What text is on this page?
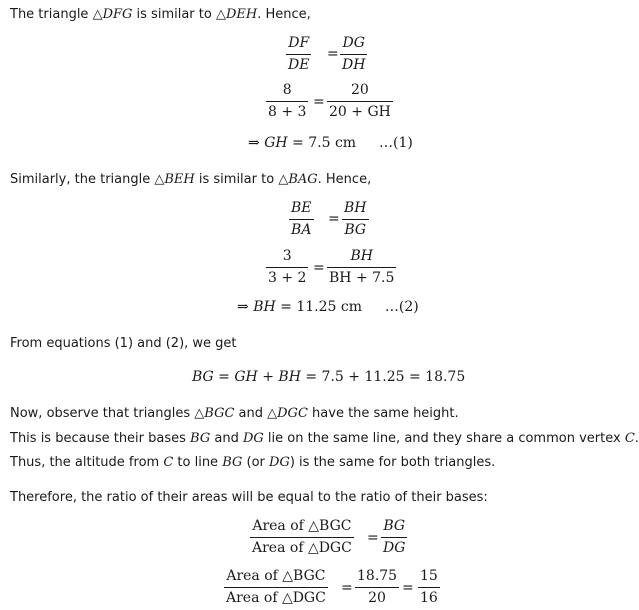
The triangle △DFG is similar to △DEH. Hence,
DF
DE
=
DG
DH
8
8 + 3
=
20
20 + GH
⇒ GH = 7.5 cm …(1)
Similarly, the triangle △BEH is similar to △BAG. Hence,
BE
BA
=
BH
BG
3
3 + 2
=
BH
BH + 7.5
⇒ BH = 11.25 cm …(2)
From equations (1) and (2), we get
BG = GH + BH = 7.5 + 11.25 = 18.75
Now, observe that triangles △BGC and △DGC have the same height.
This is because their bases BG and DG lie on the same line, and they share a common vertex C.
Thus, the altitude from C to line BG (or DG) is the same for both triangles.
Therefore, the ratio of their areas will be equal to the ratio of their bases:
Area of △BGC
Area of △DGC
=
BG
DG
Area of △BGC
Area of △DGC
=
18.75
20
=
15
16
